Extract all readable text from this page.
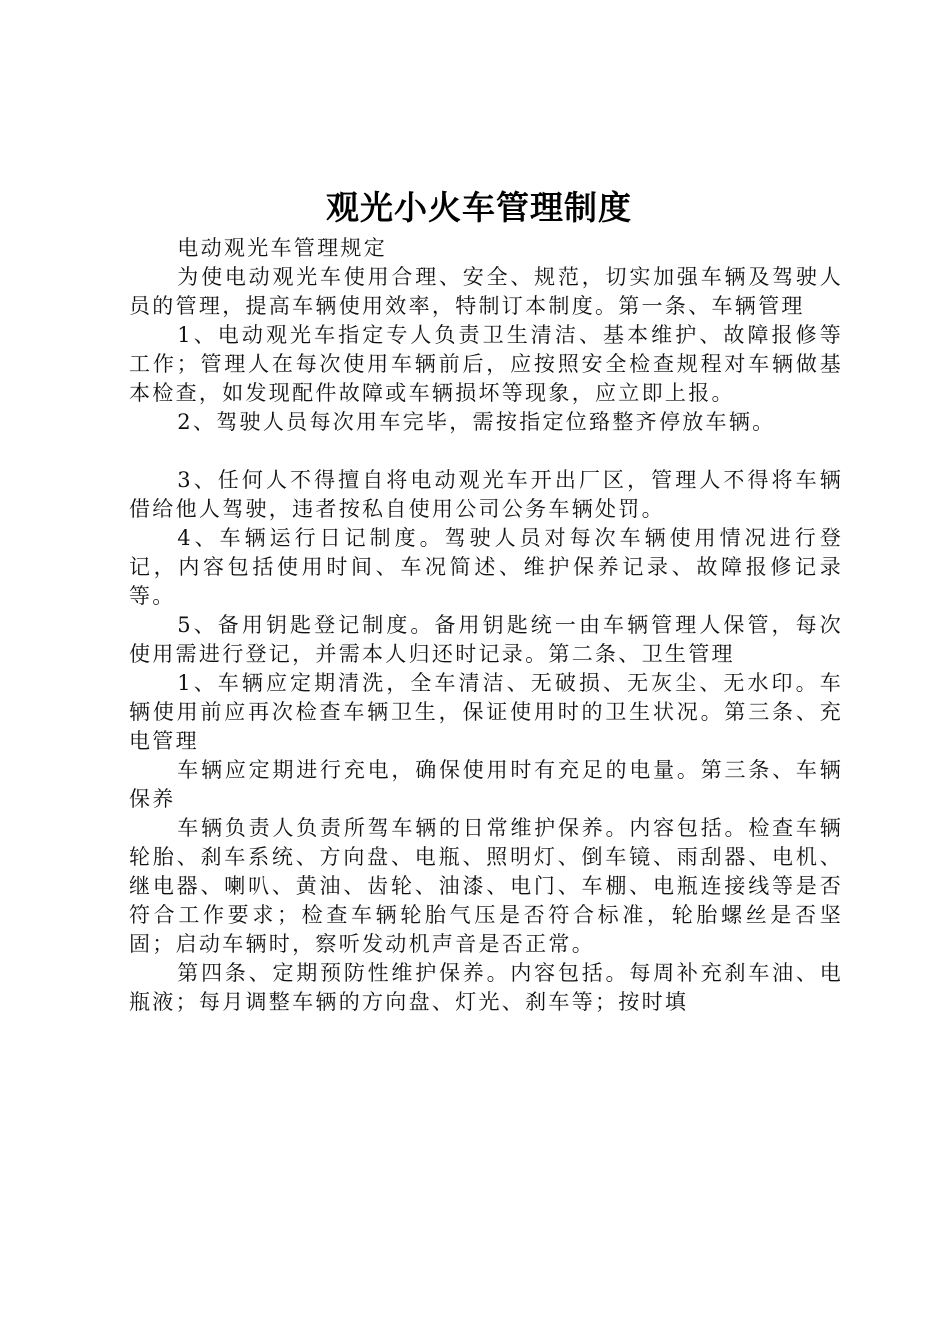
观光小火车管理制度

电动观光车管理规定

为使电动观光车使用合理、安全、规范，切实加强车辆及驾驶人员的管理，提高车辆使用效率，特制订本制度。第一条、车辆管理

1、电动观光车指定专人负责卫生清洁、基本维护、故障报修等工作；管理人在每次使用车辆前后，应按照安全检查规程对车辆做基本检查，如发现配件故障或车辆损坏等现象，应立即上报。

2、驾驶人员每次用车完毕，需按指定位臵整齐停放车辆。

3、任何人不得擅自将电动观光车开出厂区，管理人不得将车辆借给他人驾驶，违者按私自使用公司公务车辆处罚。

4、车辆运行日记制度。驾驶人员对每次车辆使用情况进行登记，内容包括使用时间、车况简述、维护保养记录、故障报修记录等。

5、备用钥匙登记制度。备用钥匙统一由车辆管理人保管，每次使用需进行登记，并需本人归还时记录。第二条、卫生管理

1、车辆应定期清洗，全车清洁、无破损、无灰尘、无水印。车辆使用前应再次检查车辆卫生，保证使用时的卫生状况。第三条、充电管理

车辆应定期进行充电，确保使用时有充足的电量。第三条、车辆保养

车辆负责人负责所驾车辆的日常维护保养。内容包括。检查车辆轮胎、刹车系统、方向盘、电瓶、照明灯、倒车镜、雨刮器、电机、继电器、喇叭、黄油、齿轮、油漆、电门、车棚、电瓶连接线等是否符合工作要求；检查车辆轮胎气压是否符合标准，轮胎螺丝是否坚固；启动车辆时，察听发动机声音是否正常。

第四条、定期预防性维护保养。内容包括。每周补充刹车油、电瓶液；每月调整车辆的方向盘、灯光、刹车等；按时填
